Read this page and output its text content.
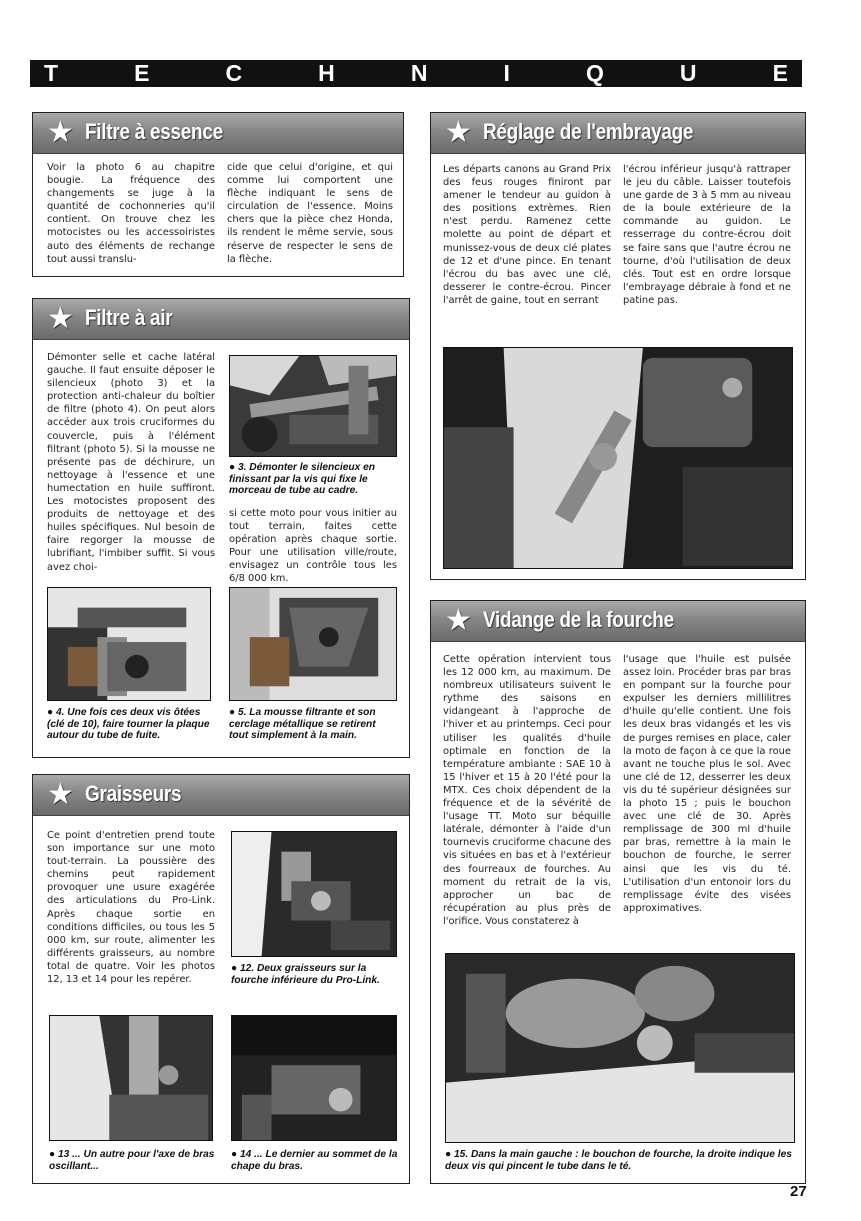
T	E	C	H	N	I	Q	U	E
★ Filtre à essence
Voir la photo 6 au chapitre bougie. La fréquence des changements se juge à la quantité de cochonneries qu'il contient. On trouve chez les motocistes ou les accessoiristes auto des éléments de rechange tout aussi translu-
cide que celui d'origine, et qui comme lui comportent une flèche indiquant le sens de circulation de l'essence. Moins chers que la pièce chez Honda, ils rendent le même servie, sous réserve de respecter le sens de la flèche.
★ Filtre à air
Démonter selle et cache latéral gauche. Il faut ensuite déposer le silencieux (photo 3) et la protection anti-chaleur du boîtier de filtre (photo 4). On peut alors accéder aux trois cruciformes du couvercle, puis à l'élément filtrant (photo 5). Si la mousse ne présente pas de déchirure, un nettoyage à l'essence et une humectation en huile suffiront. Les motocistes proposent des produits de nettoyage et des huiles spécifiques. Nul besoin de faire regorger la mousse de lubrifiant, l'imbiber suffit. Si vous avez choi-
● 3. Démonter le silencieux en finissant par la vis qui fixe le morceau de tube au cadre.
si cette moto pour vous initier au tout terrain, faites cette opération après chaque sortie. Pour une utilisation ville/route, envisagez un contrôle tous les 6/8 000 km.
● 4. Une fois ces deux vis ôtées (clé de 10), faire tourner la plaque autour du tube de fuite.
● 5. La mousse filtrante et son cerclage métallique se retirent tout simplement à la main.
★ Graisseurs
Ce point d'entretien prend toute son importance sur une moto tout-terrain. La poussière des chemins peut rapidement provoquer une usure exagérée des articulations du Pro-Link. Après chaque sortie en conditions difficiles, ou tous les 5 000 km, sur route, alimenter les différents graisseurs, au nombre total de quatre. Voir les photos 12, 13 et 14 pour les repérer.
● 12. Deux graisseurs sur la fourche inférieure du Pro-Link.
● 13 ... Un autre pour l'axe de bras oscillant...
● 14 ... Le dernier au sommet de la chape du bras.
★ Réglage de l'embrayage
Les départs canons au Grand Prix des feus rouges finiront par amener le tendeur au guidon à des positions extrèmes. Rien n'est perdu. Ramenez cette molette au point de départ et munissez-vous de deux clé plates de 12 et d'une pince. En tenant l'écrou du bas avec une clé, desserer le contre-écrou. Pincer l'arrêt de gaine, tout en serrant
l'écrou inférieur jusqu'à rattraper le jeu du câble. Laisser toutefois une garde de 3 à 5 mm au niveau de la boule extérieure de la commande au guidon. Le resserrage du contre-écrou doit se faire sans que l'autre écrou ne tourne, d'où l'utilisation de deux clés. Tout est en ordre lorsque l'embrayage débraie à fond et ne patine pas.
★ Vidange de la fourche
Cette opération intervient tous les 12 000 km, au maximum. De nombreux utilisateurs suivent le rythme des saisons en vidangeant à l'approche de l'hiver et au printemps. Ceci pour utiliser les qualités d'huile optimale en fonction de la température ambiante : SAE 10 à 15 l'hiver et 15 à 20 l'été pour la MTX. Ces choix dépendent de la fréquence et de la sévérité de l'usage TT. Moto sur béquille latérale, démonter à l'aide d'un tournevis cruciforme chacune des vis situées en bas et à l'extérieur des fourreaux de fourches. Au moment du retrait de la vis, approcher un bac de récupération au plus près de l'orifice. Vous constaterez à
l'usage que l'huile est pulsée assez loin. Procéder bras par bras en pompant sur la fourche pour expulser les derniers millilitres d'huile qu'elle contient. Une fois les deux bras vidangés et les vis de purges remises en place, caler la moto de façon à ce que la roue avant ne touche plus le sol. Avec une clé de 12, desserrer les deux vis du té supérieur désignées sur la photo 15 ; puis le bouchon avec une clé de 30. Après remplissage de 300 ml d'huile par bras, remettre à la main le bouchon de fourche, le serrer ainsi que les vis du té. L'utilisation d'un entonoir lors du remplissage évite des visées approximatives.
● 15. Dans la main gauche : le bouchon de fourche, la droite indique les deux vis qui pincent le tube dans le té.
27
